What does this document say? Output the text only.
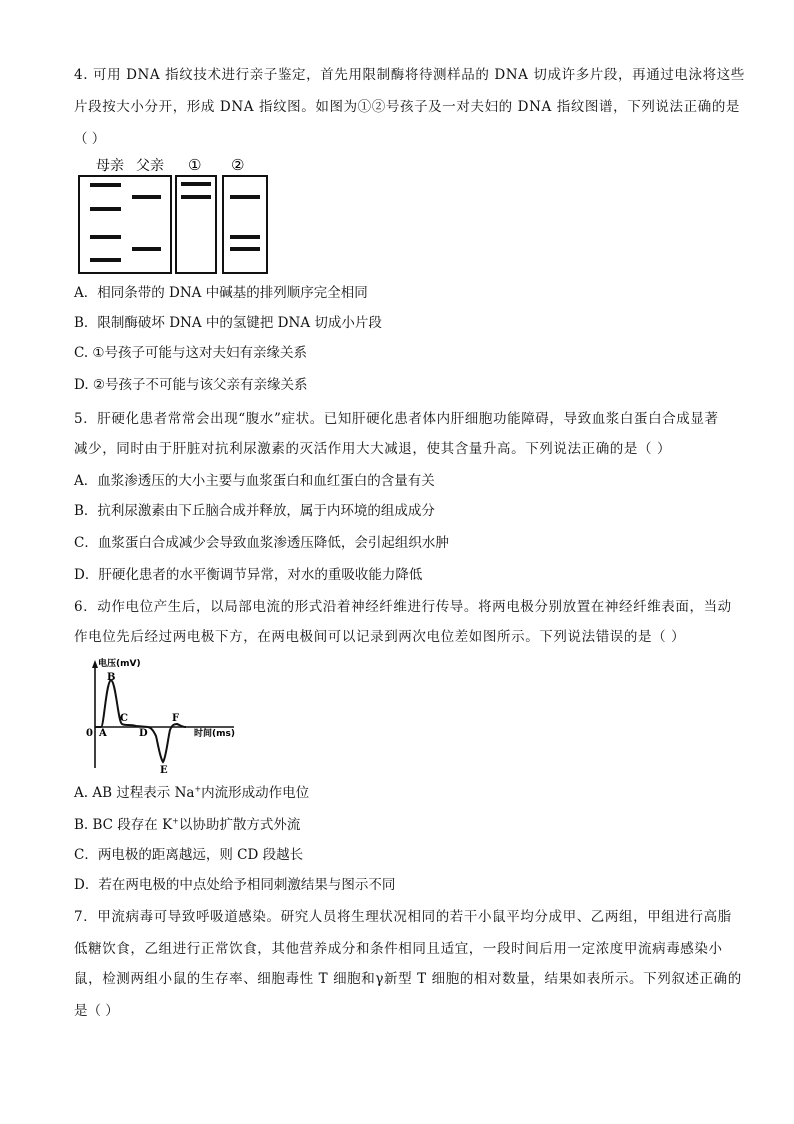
4. 可用 DNA 指纹技术进行亲子鉴定，首先用限制酶将待测样品的 DNA 切成许多片段，再通过电泳将这些
片段按大小分开，形成 DNA 指纹图。如图为①②号孩子及一对夫妇的 DNA 指纹图谱，下列说法正确的是
（ ）
母亲 父亲 ① ②
A．相同条带的 DNA 中碱基的排列顺序完全相同
B．限制酶破坏 DNA 中的氢键把 DNA 切成小片段
C. ①号孩子可能与这对夫妇有亲缘关系
D. ②号孩子不可能与该父亲有亲缘关系
5．肝硬化患者常常会出现“腹水”症状。已知肝硬化患者体内肝细胞功能障碍，导致血浆白蛋白合成显著
减少，同时由于肝脏对抗利尿激素的灭活作用大大减退，使其含量升高。下列说法正确的是（ ）
A．血浆渗透压的大小主要与血浆蛋白和血红蛋白的含量有关
B．抗利尿激素由下丘脑合成并释放，属于内环境的组成成分
C．血浆蛋白合成减少会导致血浆渗透压降低，会引起组织水肿
D．肝硬化患者的水平衡调节异常，对水的重吸收能力降低
6．动作电位产生后，以局部电流的形式沿着神经纤维进行传导。将两电极分别放置在神经纤维表面，当动
作电位先后经过两电极下方，在两电极间可以记录到两次电位差如图所示。下列说法错误的是（ ）
电压(mV)
时间(ms)
0 A
B
C
D
E
F
A. AB 过程表示 Na+内流形成动作电位
B. BC 段存在 K+以协助扩散方式外流
C．两电极的距离越远，则 CD 段越长
D．若在两电极的中点处给予相同刺激结果与图示不同
7．甲流病毒可导致呼吸道感染。研究人员将生理状况相同的若干小鼠平均分成甲、乙两组，甲组进行高脂
低糖饮食，乙组进行正常饮食，其他营养成分和条件相同且适宜，一段时间后用一定浓度甲流病毒感染小
鼠，检测两组小鼠的生存率、细胞毒性 T 细胞和γ新型 T 细胞的相对数量，结果如表所示。下列叙述正确的
是（ ）
